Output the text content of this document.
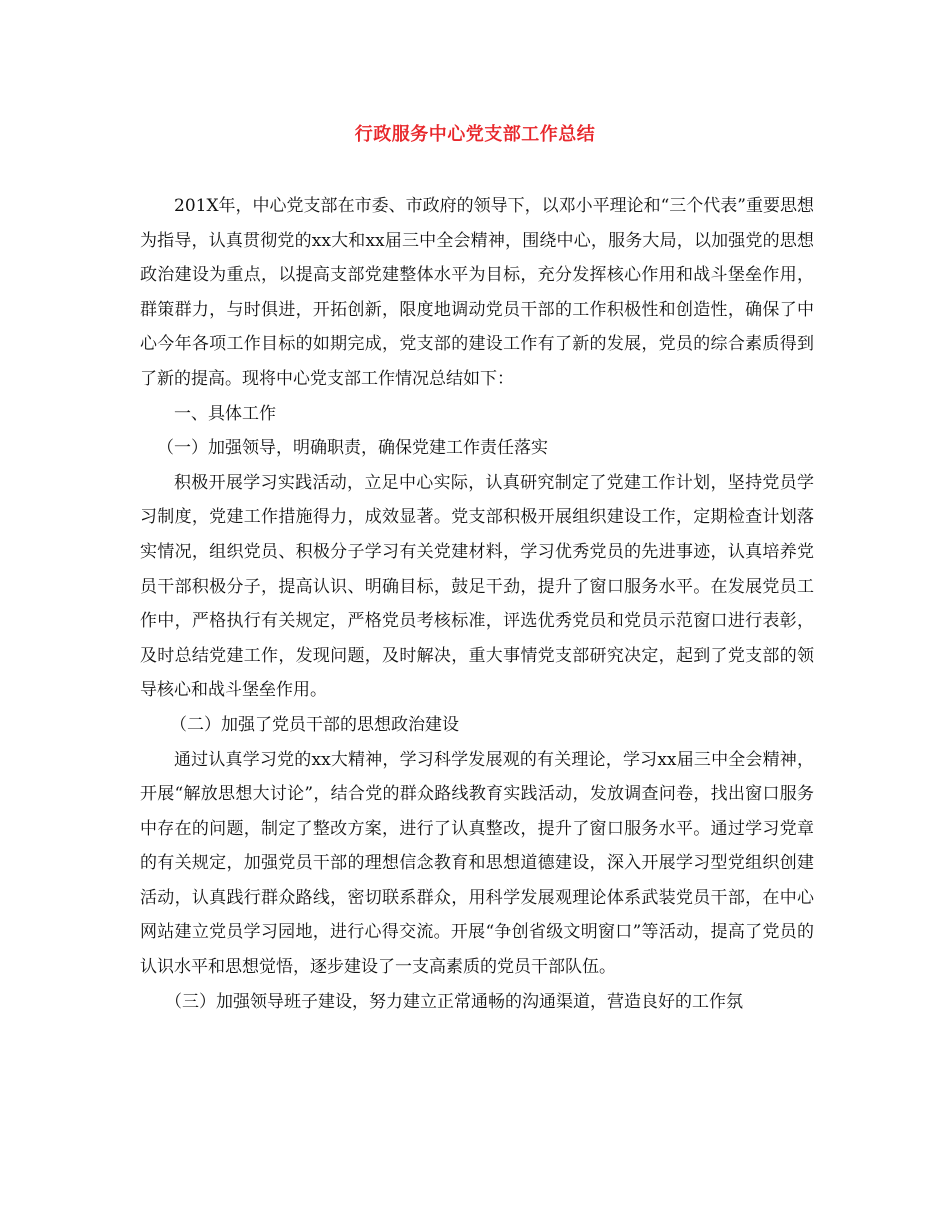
行政服务中心党支部工作总结

201X年，中心党支部在市委、市政府的领导下，以邓小平理论和“三个代表”重要思想为指导，认真贯彻党的xx大和xx届三中全会精神，围绕中心，服务大局，以加强党的思想政治建设为重点，以提高支部党建整体水平为目标，充分发挥核心作用和战斗堡垒作用，群策群力，与时俱进，开拓创新，限度地调动党员干部的工作积极性和创造性，确保了中心今年各项工作目标的如期完成，党支部的建设工作有了新的发展，党员的综合素质得到了新的提高。现将中心党支部工作情况总结如下：

一、具体工作

（一）加强领导，明确职责，确保党建工作责任落实

积极开展学习实践活动，立足中心实际，认真研究制定了党建工作计划，坚持党员学习制度，党建工作措施得力，成效显著。党支部积极开展组织建设工作，定期检查计划落实情况，组织党员、积极分子学习有关党建材料，学习优秀党员的先进事迹，认真培养党员干部积极分子，提高认识、明确目标，鼓足干劲，提升了窗口服务水平。在发展党员工作中，严格执行有关规定，严格党员考核标准，评选优秀党员和党员示范窗口进行表彰，及时总结党建工作，发现问题，及时解决，重大事情党支部研究决定，起到了党支部的领导核心和战斗堡垒作用。

（二）加强了党员干部的思想政治建设

通过认真学习党的xx大精神，学习科学发展观的有关理论，学习xx届三中全会精神，开展“解放思想大讨论”，结合党的群众路线教育实践活动，发放调查问卷，找出窗口服务中存在的问题，制定了整改方案，进行了认真整改，提升了窗口服务水平。通过学习党章的有关规定，加强党员干部的理想信念教育和思想道德建设，深入开展学习型党组织创建活动，认真践行群众路线，密切联系群众，用科学发展观理论体系武装党员干部，在中心网站建立党员学习园地，进行心得交流。开展“争创省级文明窗口”等活动，提高了党员的认识水平和思想觉悟，逐步建设了一支高素质的党员干部队伍。

（三）加强领导班子建设，努力建立正常通畅的沟通渠道，营造良好的工作氛
